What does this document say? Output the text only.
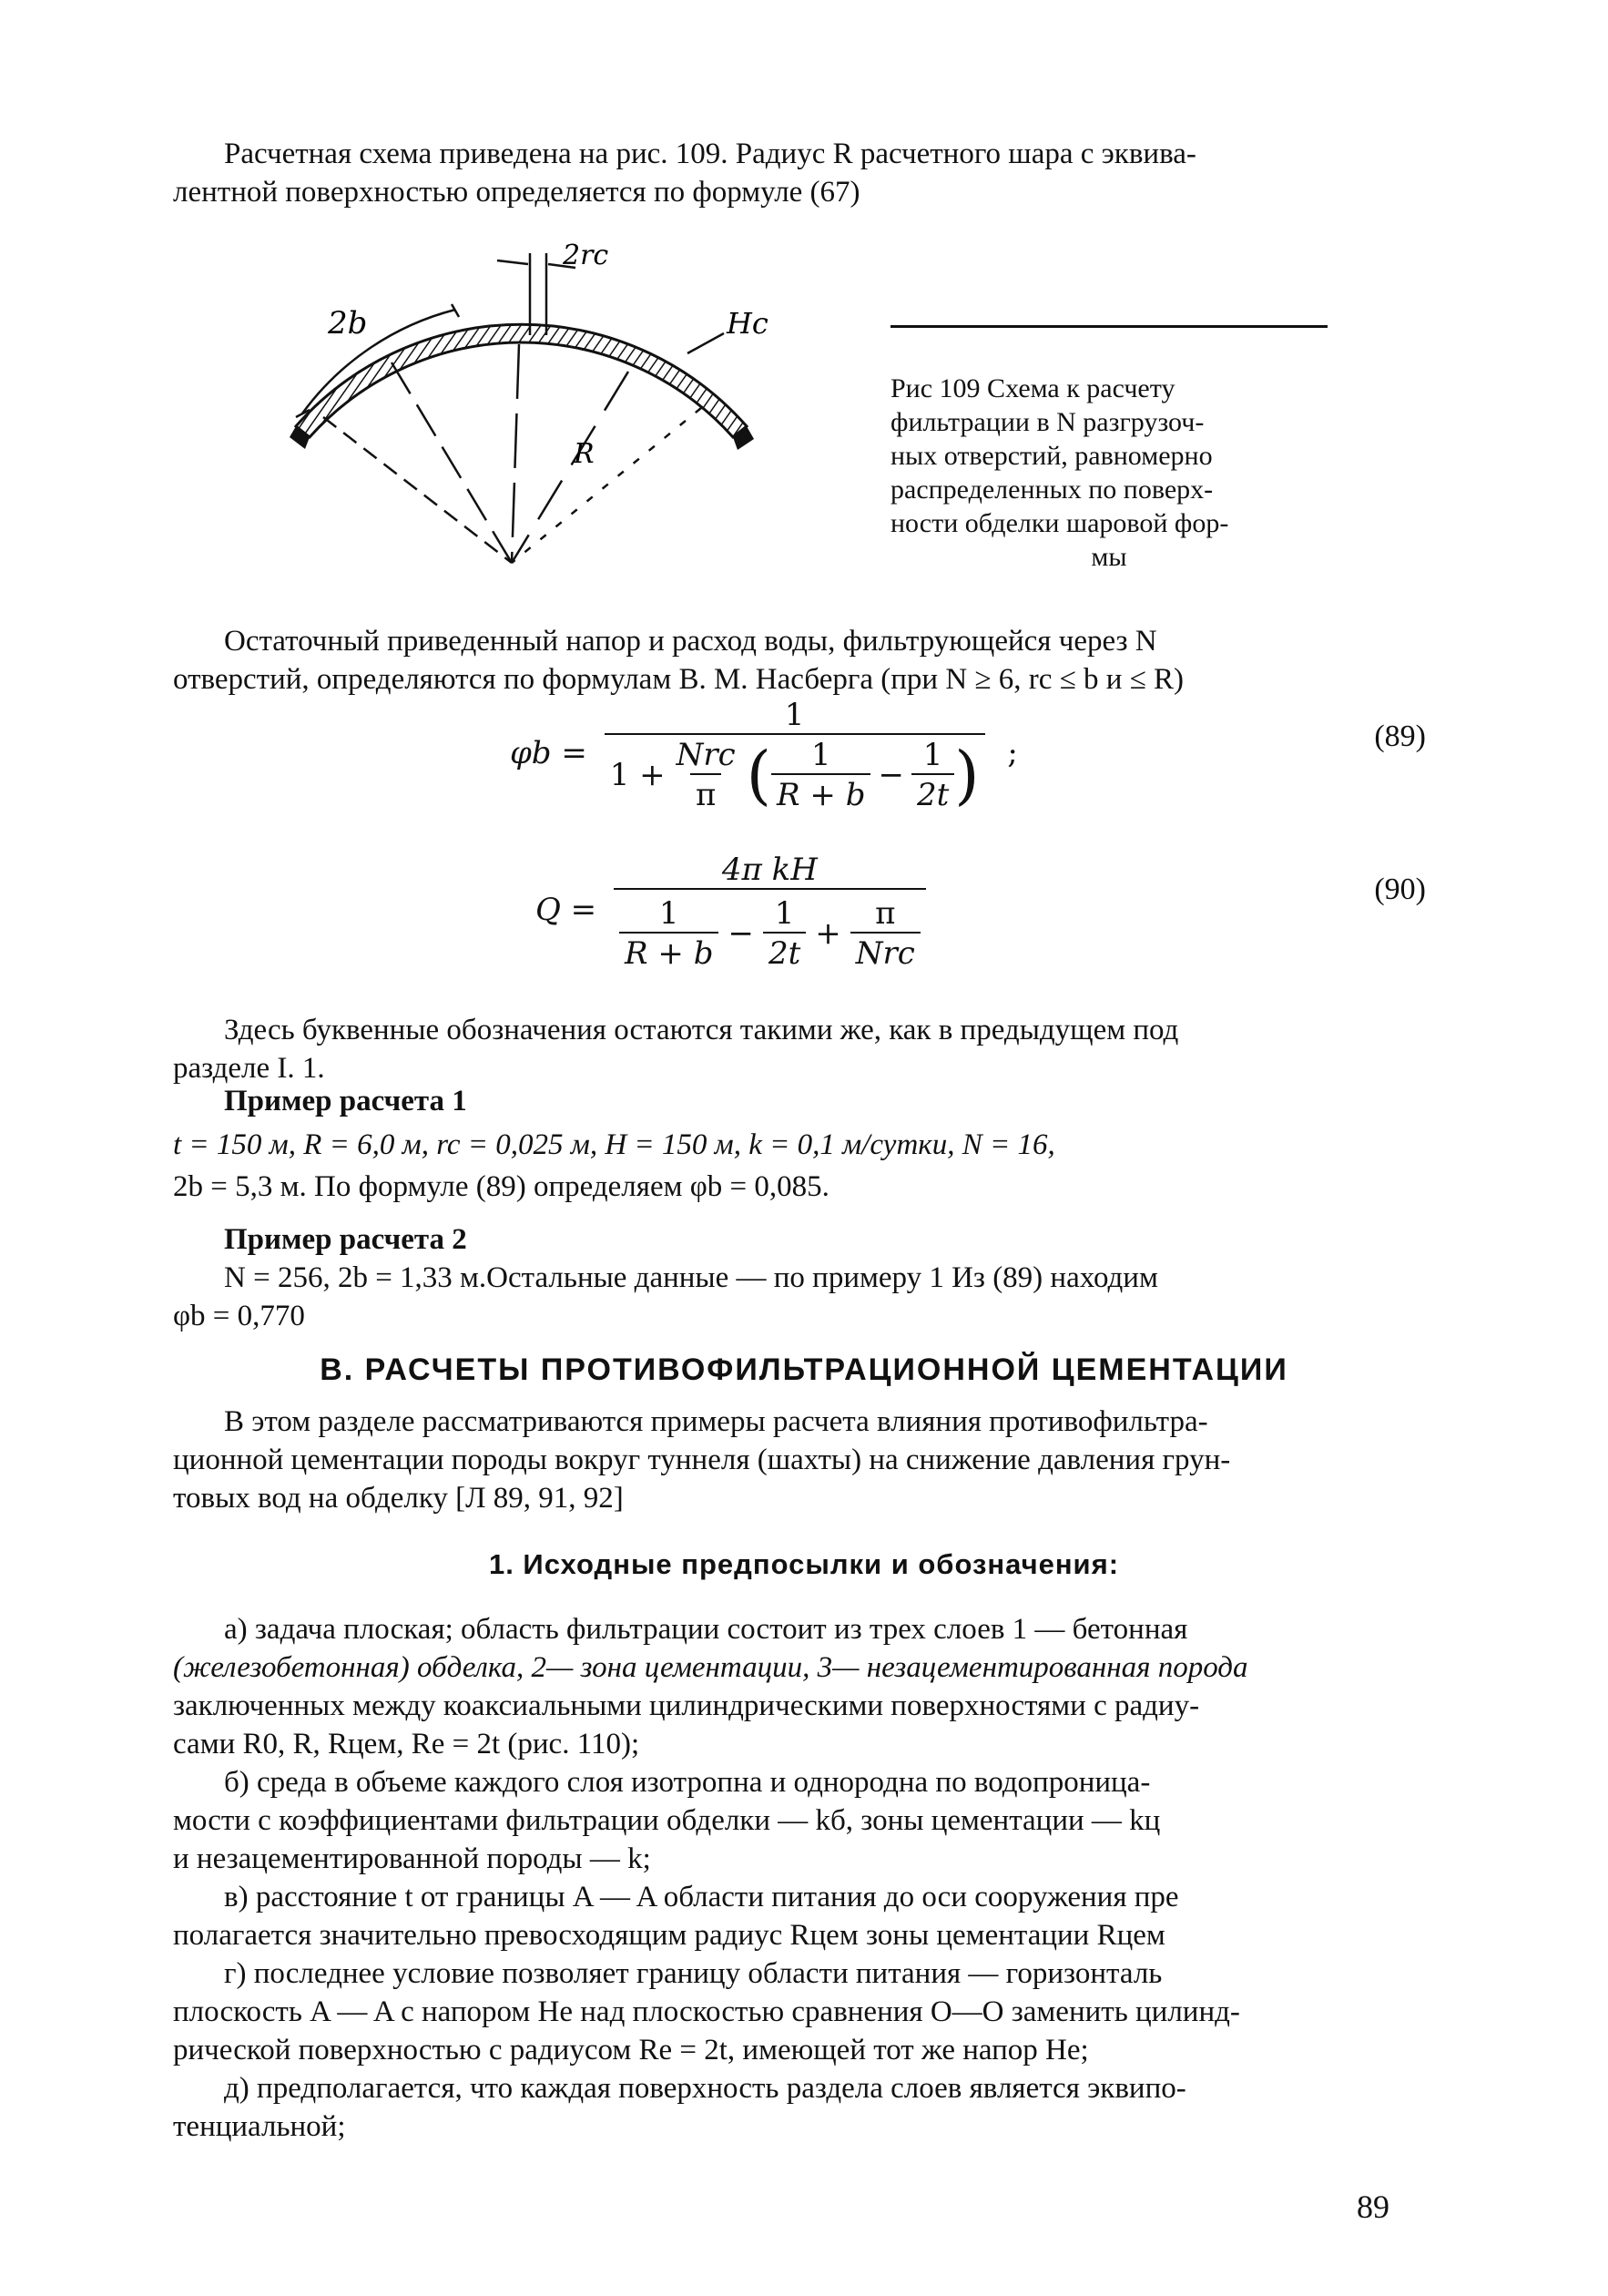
Расчетная схема приведена на рис. 109. Радиус R расчетного шара с эквива-
лентной поверхностью определяется по формуле (67)
2b
2rc
Hc
R
Рис 109 Схема к расчету
фильтрации в N разгрузоч-
ных отверстий, равномерно
распределенных по поверх-
ности обделки шаровой фор-
мы
Остаточный приведенный напор и расход воды, фильтрующейся через N
отверстий, определяются по формулам В. М. Насберга (при N ≥ 6, rc ≤ b и ≤ R)
φb =
1
$1 + \frac{\text{Nrc}}{\pi}$ ( $\frac{1}{R + b} - \frac{1}{2t}$ ) ;	(89)
Q =
4π kH
$\frac{1}{R + b} - \frac{1}{2t} + \frac{\pi}{\text{Nrc}}$
(90)
Здесь буквенные обозначения остаются такими же, как в предыдущем под
разделе I. 1.
Пример расчета 1
t = 150 м, R = 6,0 м, rc = 0,025 м, H = 150 м, k = 0,1 м/сутки, N = 16,
2b = 5,3 м. По формуле (89) определяем φb = 0,085.
Пример расчета 2
N = 256, 2b = 1,33 м.Остальные данные — по примеру 1 Из (89) находим
φb = 0,770
В. РАСЧЕТЫ ПРОТИВОФИЛЬТРАЦИОННОЙ ЦЕМЕНТАЦИИ
В этом разделе рассматриваются примеры расчета влияния противофильтра-
ционной цементации породы вокруг туннеля (шахты) на снижение давления грун-
товых вод на обделку [Л 89, 91, 92]
1. Исходные предпосылки и обозначения:
а) задача плоская; область фильтрации состоит из трех слоев 1 — бетонная
(железобетонная) обделка, 2— зона цементации, 3— незацементированная порода
заключенных между коаксиальными цилиндрическими поверхностями с радиу-
сами R0, R, Rцем, Re = 2t (рис. 110);
б) среда в объеме каждого слоя изотропна и однородна по водопроница-
мости с коэффициентами фильтрации обделки — kб, зоны цементации — kц
и незацементированной породы — k;
в) расстояние t от границы A — A области питания до оси сооружения пре
полагается значительно превосходящим радиус Rцем зоны цементации Rцем
г) последнее условие позволяет границу области питания — горизонталь
плоскость A — A с напором He над плоскостью сравнения O—O заменить цилинд-
рической поверхностью с радиусом Re = 2t, имеющей тот же напор He;
д) предполагается, что каждая поверхность раздела слоев является эквипо-
тенциальной;
89
